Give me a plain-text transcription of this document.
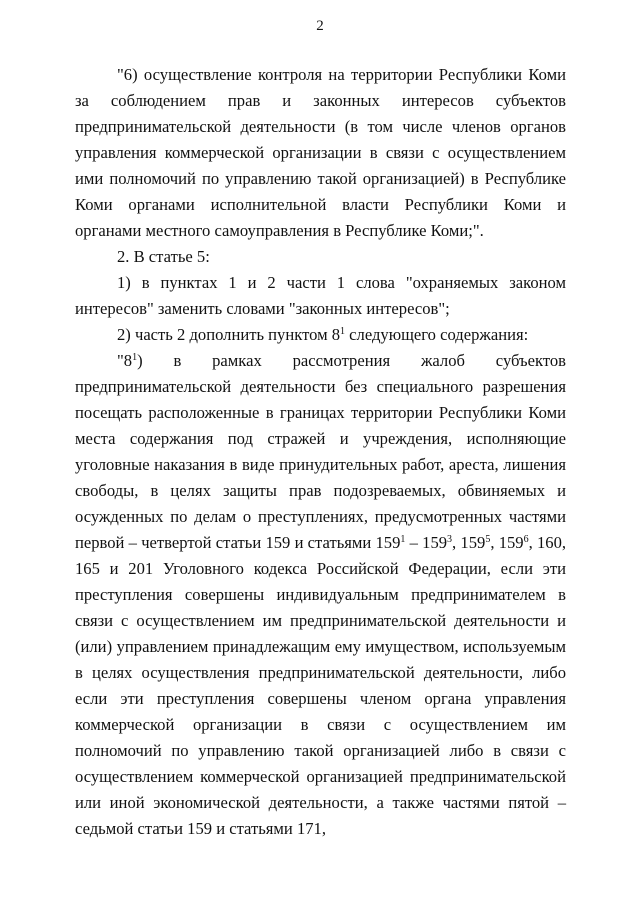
2

"6) осуществление контроля на территории Республики Коми за соблюдением прав и законных интересов субъектов предпринимательской деятельности (в том числе членов органов управления коммерческой организации в связи с осуществлением ими полномочий по управлению такой организацией) в Республике Коми органами исполнительной власти Республики Коми и органами местного самоуправления в Республике Коми;".

2. В статье 5:

1) в пунктах 1 и 2 части 1 слова "охраняемых законом интересов" заменить словами "законных интересов";

2) часть 2 дополнить пунктом $8^1$ следующего содержания:

"$8^1$) в рамках рассмотрения жалоб субъектов предпринимательской деятельности без специального разрешения посещать расположенные в границах территории Республики Коми места содержания под стражей и учреждения, исполняющие уголовные наказания в виде принудительных работ, ареста, лишения свободы, в целях защиты прав подозреваемых, обвиняемых и осужденных по делам о преступлениях, предусмотренных частями первой – четвертой статьи 159 и статьями $159^1 - 159^3$, $159^5$, $159^6$, 160, 165 и 201 Уголовного кодекса Российской Федерации, если эти преступления совершены индивидуальным предпринимателем в связи с осуществлением им предпринимательской деятельности и (или) управлением принадлежащим ему имуществом, используемым в целях осуществления предпринимательской деятельности, либо если эти преступления совершены членом органа управления коммерческой организации в связи с осуществлением им полномочий по управлению такой организацией либо в связи с осуществлением коммерческой организацией предпринимательской или иной экономической деятельности, а также частями пятой – седьмой статьи 159 и статьями 171,
